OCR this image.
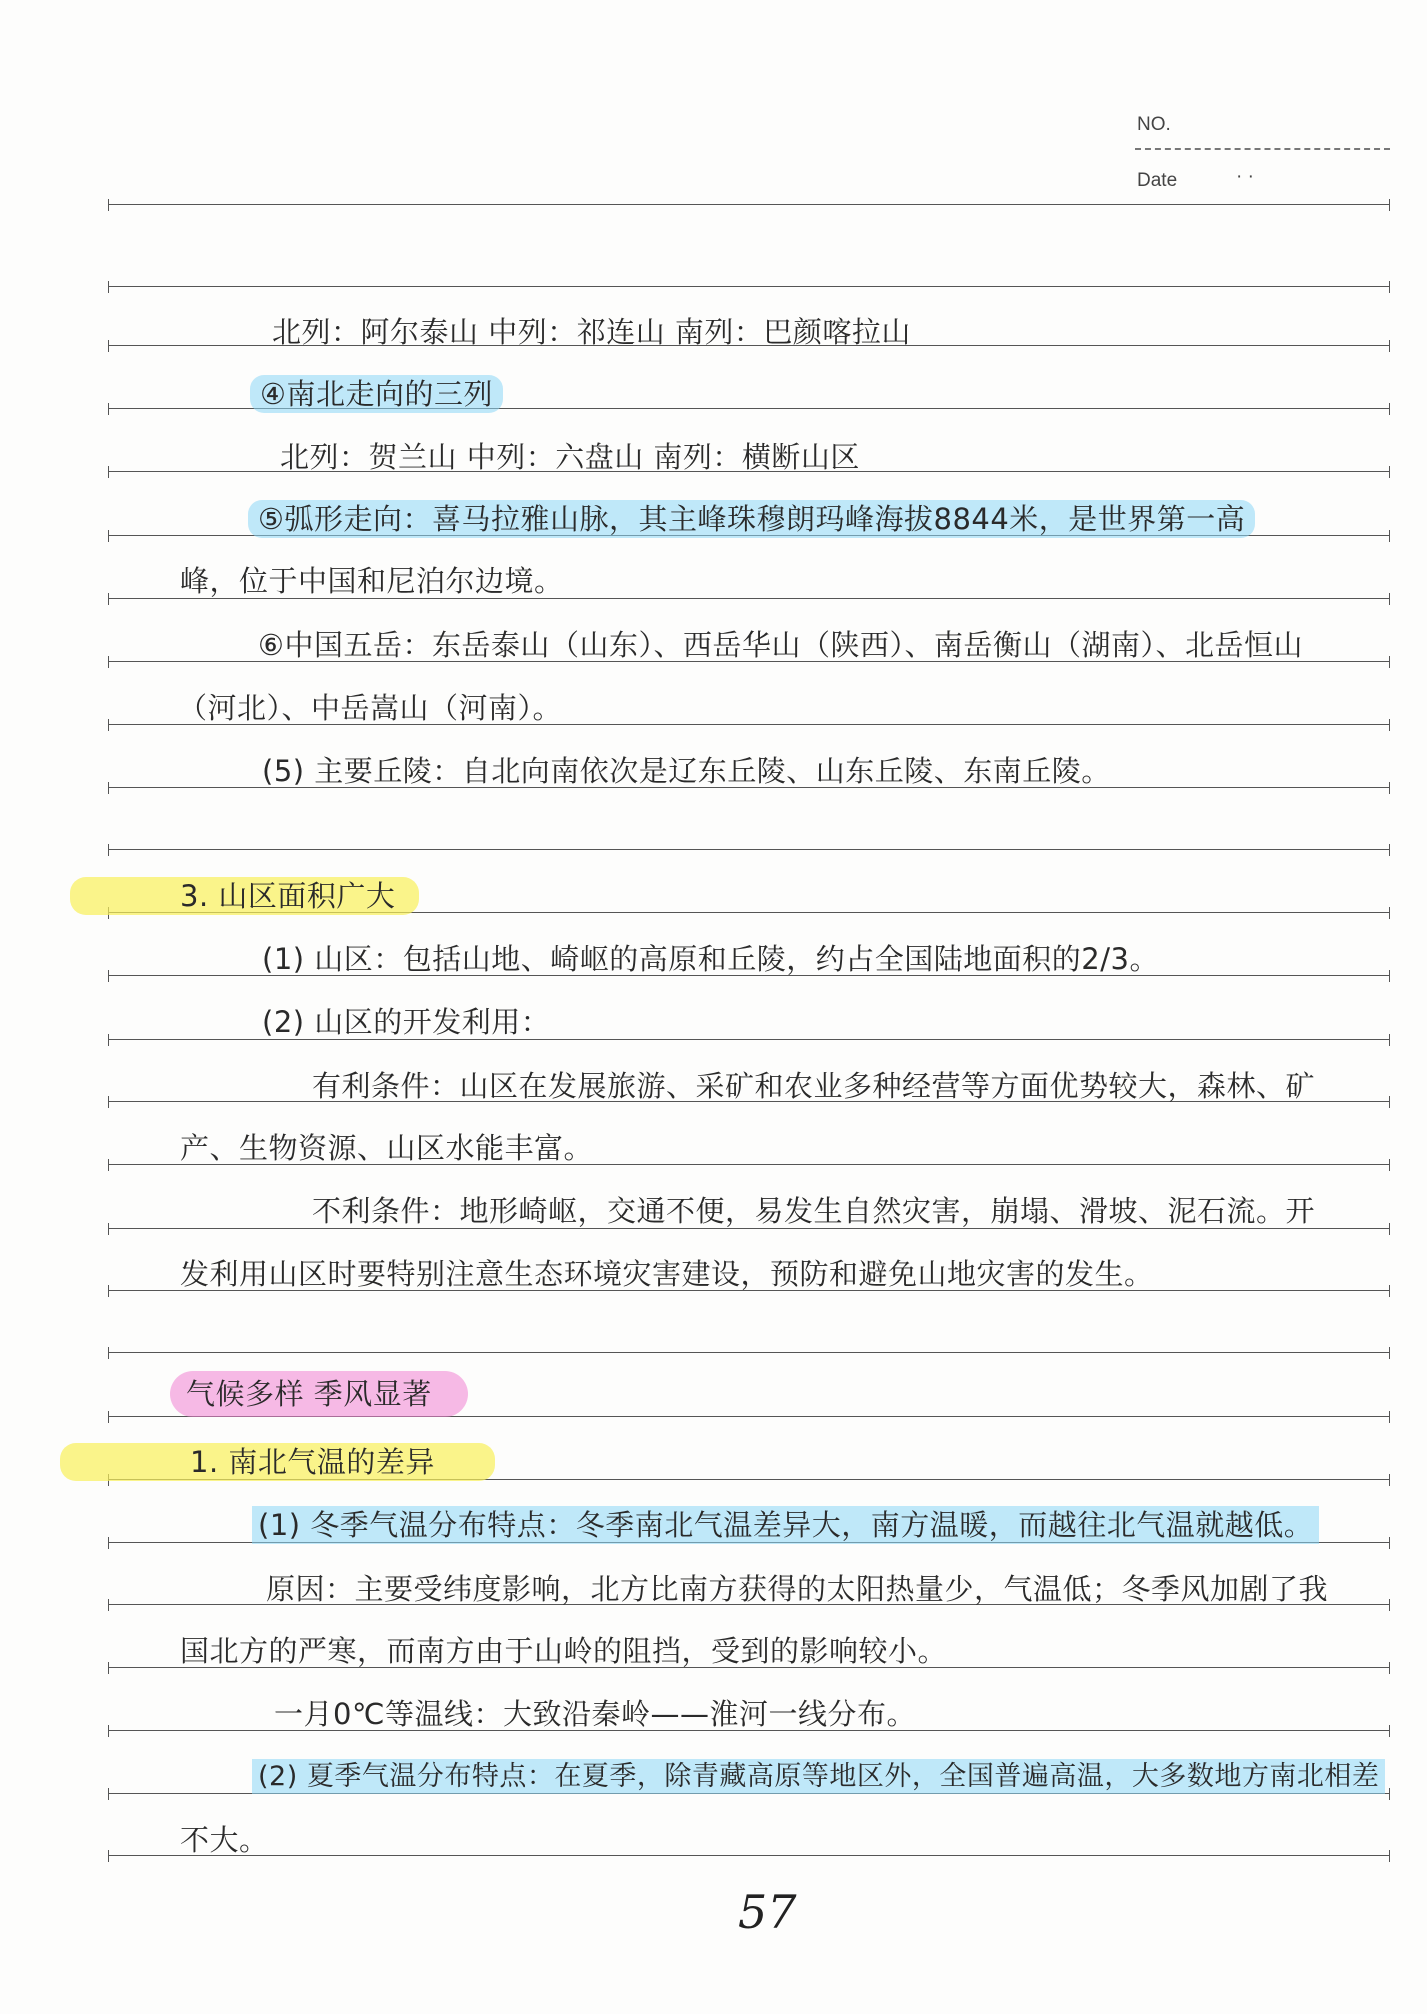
NO.
Date	· ·
北列：阿尔泰山 中列：祁连山 南列：巴颜喀拉山
④南北走向的三列
北列：贺兰山 中列：六盘山 南列：横断山区
⑤弧形走向：喜马拉雅山脉，其主峰珠穆朗玛峰海拔8844米，是世界第一高
峰，位于中国和尼泊尔边境。
⑥中国五岳：东岳泰山（山东）、西岳华山（陕西）、南岳衡山（湖南）、北岳恒山
（河北）、中岳嵩山（河南）。
(5) 主要丘陵：自北向南依次是辽东丘陵、山东丘陵、东南丘陵。
3. 山区面积广大
(1) 山区：包括山地、崎岖的高原和丘陵，约占全国陆地面积的2/3。
(2) 山区的开发利用：
有利条件：山区在发展旅游、采矿和农业多种经营等方面优势较大，森林、矿
产、生物资源、山区水能丰富。
不利条件：地形崎岖，交通不便，易发生自然灾害，崩塌、滑坡、泥石流。开
发利用山区时要特别注意生态环境灾害建设，预防和避免山地灾害的发生。
气候多样 季风显著
1. 南北气温的差异
(1) 冬季气温分布特点：冬季南北气温差异大，南方温暖，而越往北气温就越低。
原因：主要受纬度影响，北方比南方获得的太阳热量少，气温低；冬季风加剧了我
国北方的严寒，而南方由于山岭的阻挡，受到的影响较小。
一月0℃等温线：大致沿秦岭——淮河一线分布。
(2) 夏季气温分布特点：在夏季，除青藏高原等地区外，全国普遍高温，大多数地方南北相差
不大。
57
